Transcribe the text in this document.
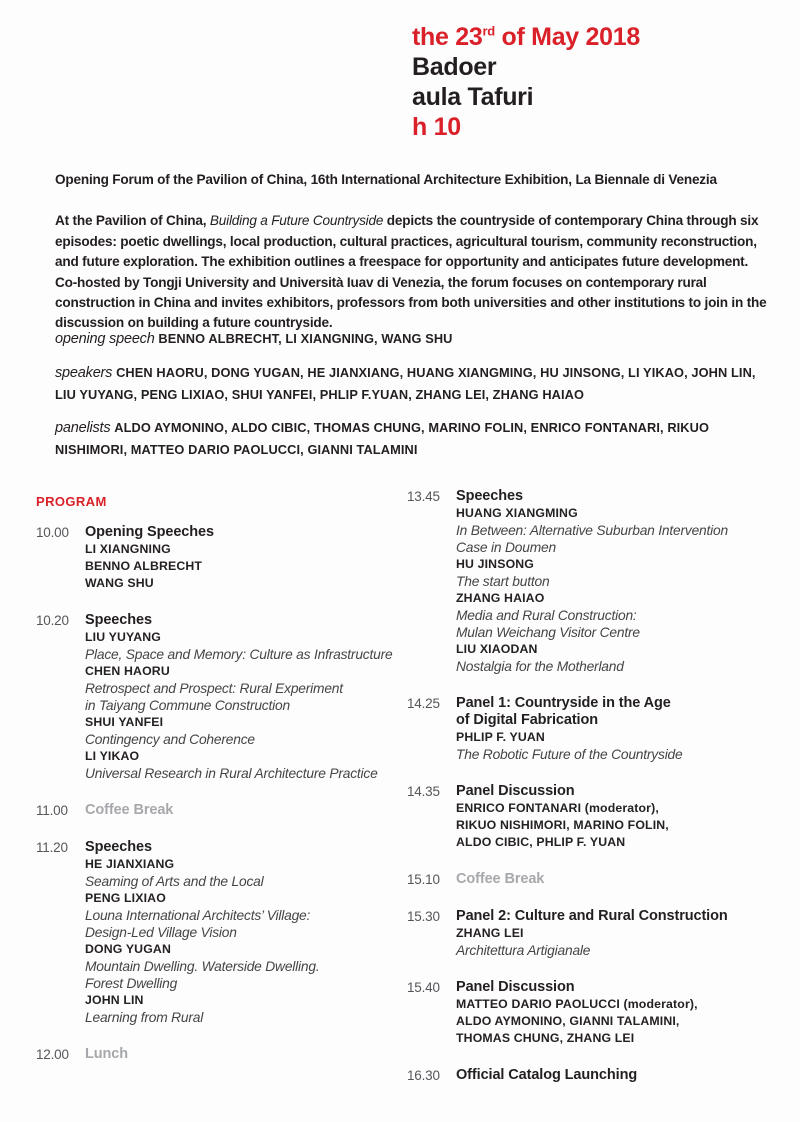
the 23rd of May 2018
Badoer
aula Tafuri
h 10
Opening Forum of the Pavilion of China, 16th International Architecture Exhibition, La Biennale di Venezia
At the Pavilion of China, Building a Future Countryside depicts the countryside of contemporary China through six episodes: poetic dwellings, local production, cultural practices, agricultural tourism, community reconstruction, and future exploration. The exhibition outlines a freespace for opportunity and anticipates future development. Co-hosted by Tongji University and Università Iuav di Venezia, the forum focuses on contemporary rural construction in China and invites exhibitors, professors from both universities and other institutions to join in the discussion on building a future countryside.
opening speech BENNO ALBRECHT, LI XIANGNING, WANG SHU
speakers CHEN HAORU, DONG YUGAN, HE JIANXIANG, HUANG XIANGMING, HU JINSONG, LI YIKAO, JOHN LIN, LIU YUYANG, PENG LIXIAO, SHUI YANFEI, PHLIP F.YUAN, ZHANG LEI, ZHANG HAIAO
panelists ALDO AYMONINO, ALDO CIBIC, THOMAS CHUNG, MARINO FOLIN, ENRICO FONTANARI, RIKUO NISHIMORI, MATTEO DARIO PAOLUCCI, GIANNI TALAMINI
PROGRAM
10.00 Opening Speeches
LI XIANGNING
BENNO ALBRECHT
WANG SHU
10.20 Speeches
LIU YUYANG
Place, Space and Memory: Culture as Infrastructure
CHEN HAORU
Retrospect and Prospect: Rural Experiment
in Taiyang Commune Construction
SHUI YANFEI
Contingency and Coherence
LI YIKAO
Universal Research in Rural Architecture Practice
11.00 Coffee Break
11.20 Speeches
HE JIANXIANG
Seaming of Arts and the Local
PENG LIXIAO
Louna International Architects’ Village:
Design-Led Village Vision
DONG YUGAN
Mountain Dwelling. Waterside Dwelling.
Forest Dwelling
JOHN LIN
Learning from Rural
12.00 Lunch
13.45 Speeches
HUANG XIANGMING
In Between: Alternative Suburban Intervention
Case in Doumen
HU JINSONG
The start button
ZHANG HAIAO
Media and Rural Construction:
Mulan Weichang Visitor Centre
LIU XIAODAN
Nostalgia for the Motherland
14.25 Panel 1: Countryside in the Age
of Digital Fabrication
PHLIP F. YUAN
The Robotic Future of the Countryside
14.35 Panel Discussion
ENRICO FONTANARI (moderator),
RIKUO NISHIMORI, MARINO FOLIN,
ALDO CIBIC, PHLIP F. YUAN
15.10 Coffee Break
15.30 Panel 2: Culture and Rural Construction
ZHANG LEI
Architettura Artigianale
15.40 Panel Discussion
MATTEO DARIO PAOLUCCI (moderator),
ALDO AYMONINO, GIANNI TALAMINI,
THOMAS CHUNG, ZHANG LEI
16.30 Official Catalog Launching
